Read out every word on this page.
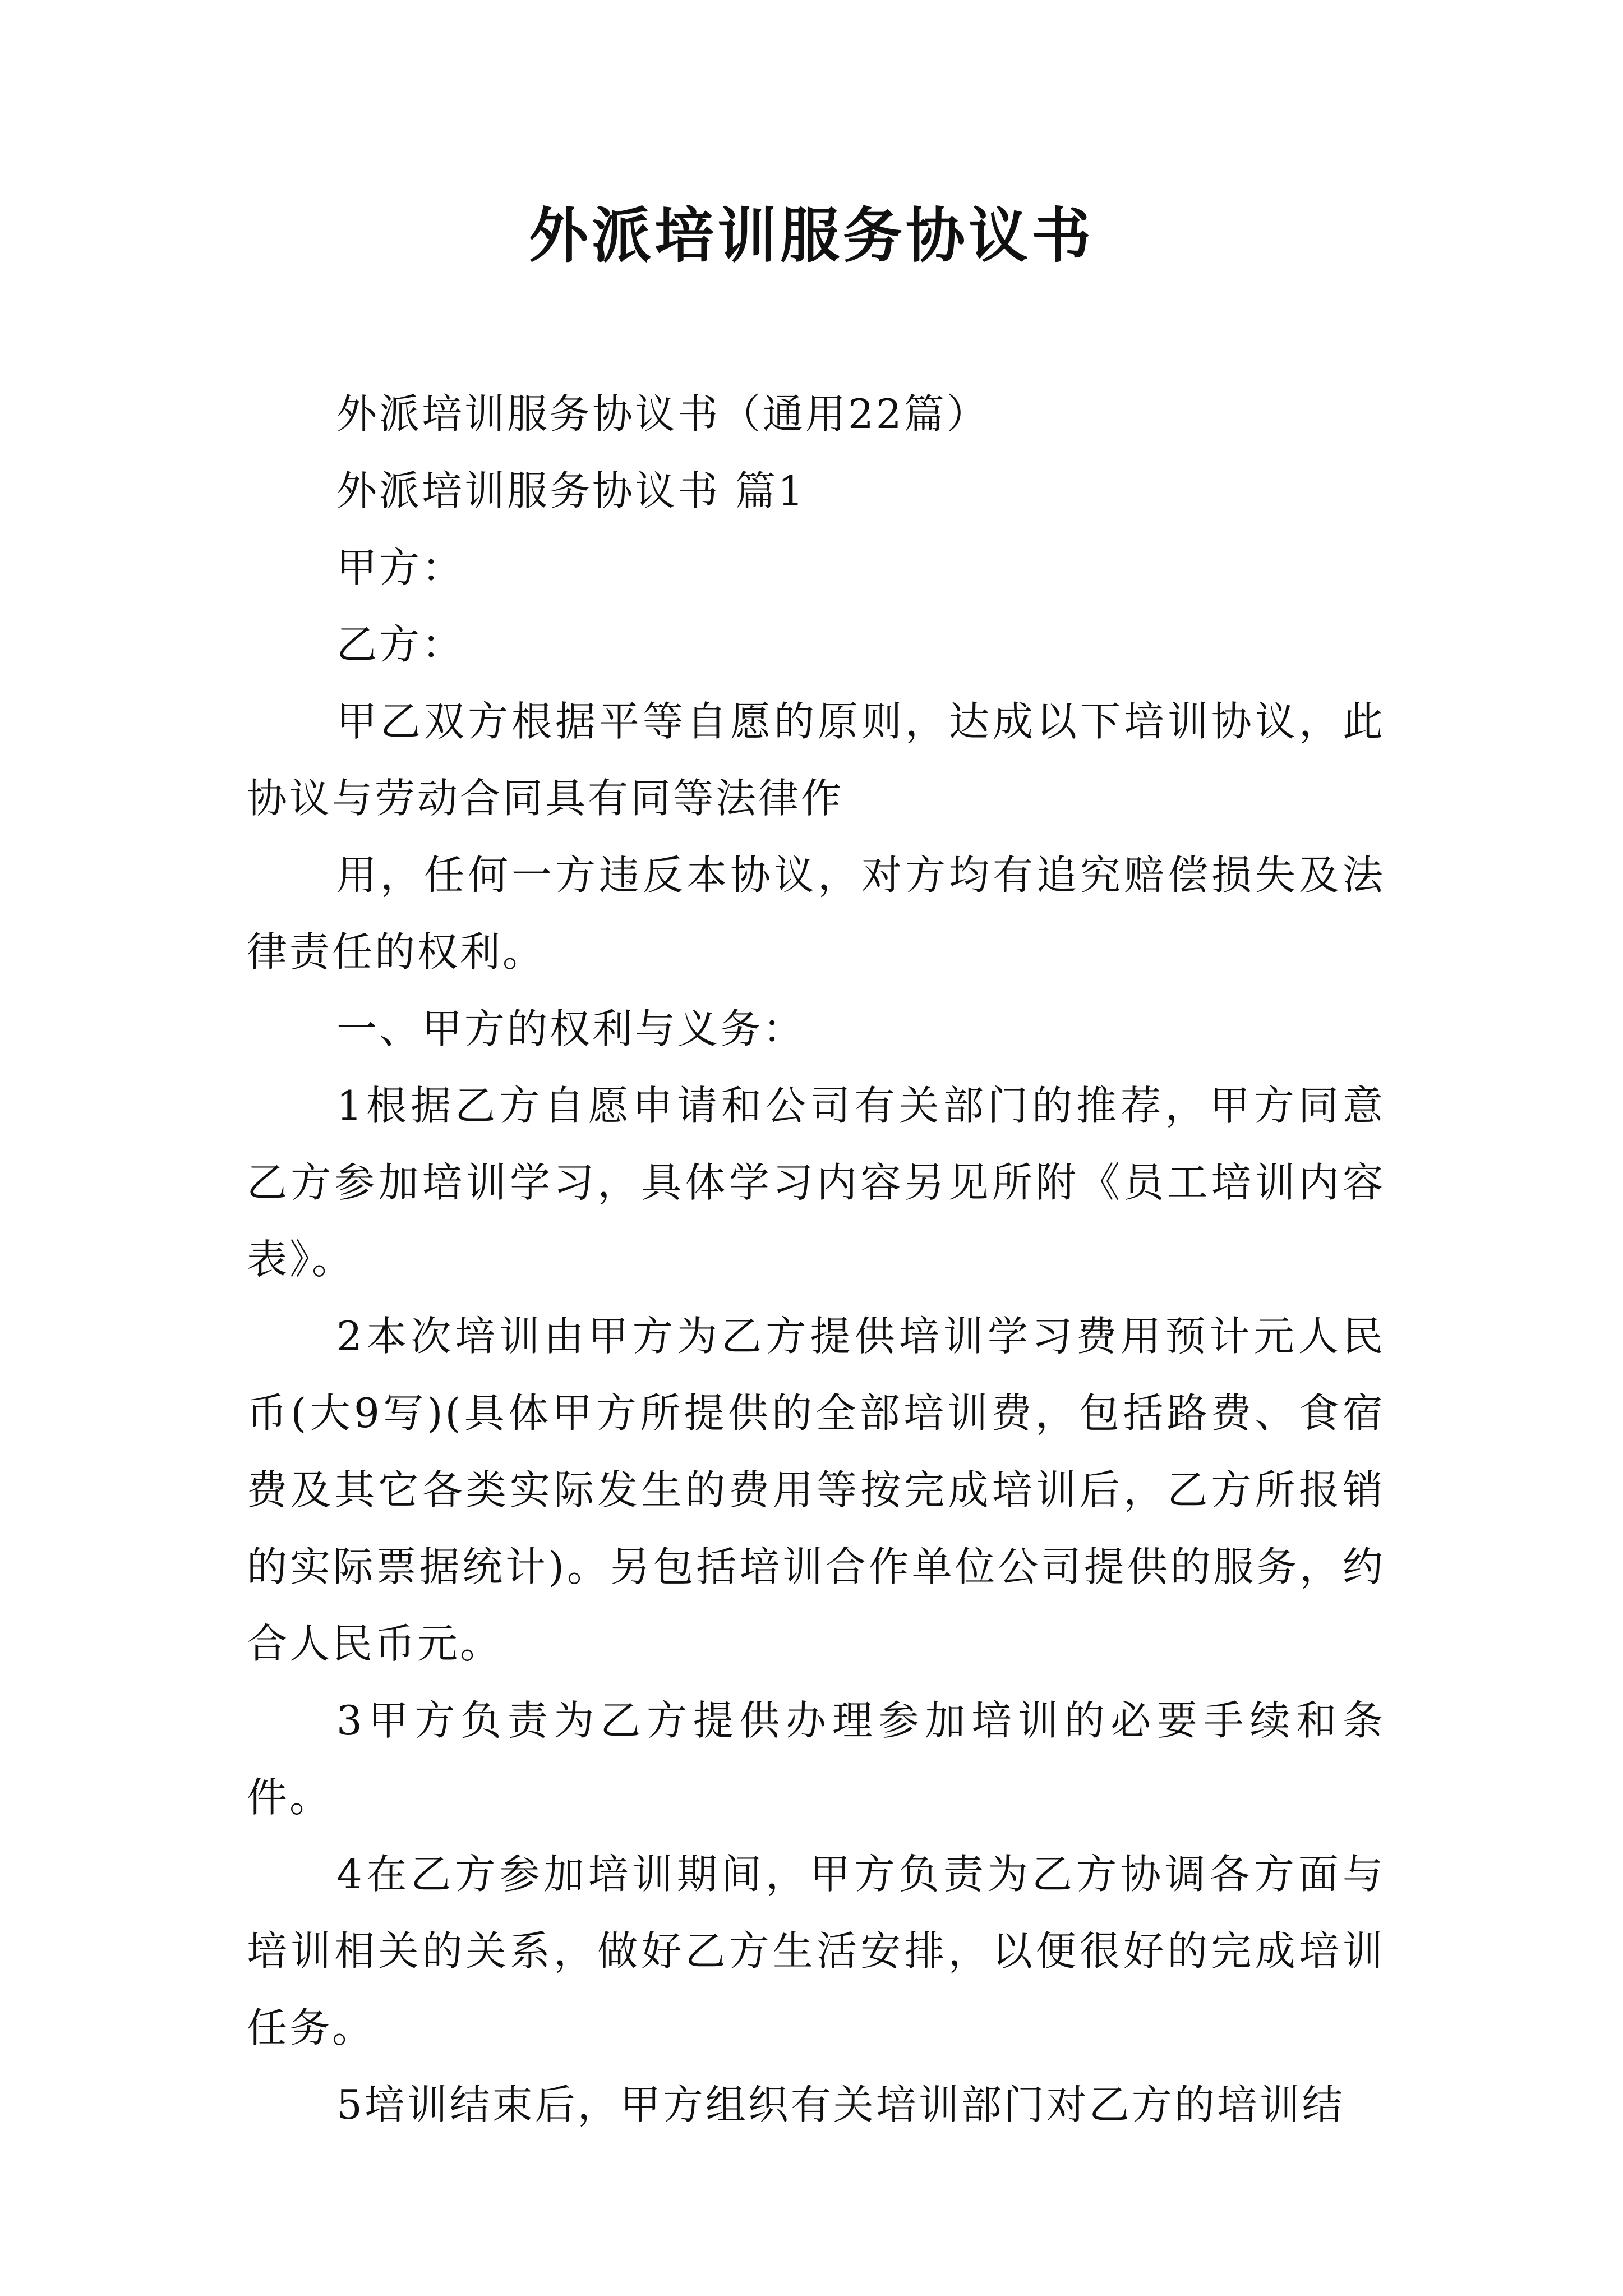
外派培训服务协议书

外派培训服务协议书（通用22篇）

外派培训服务协议书 篇1

甲方：

乙方：

甲乙双方根据平等自愿的原则，达成以下培训协议，此协议与劳动合同具有同等法律作

用，任何一方违反本协议，对方均有追究赔偿损失及法律责任的权利。

一、甲方的权利与义务：

1根据乙方自愿申请和公司有关部门的推荐，甲方同意乙方参加培训学习，具体学习内容另见所附《员工培训内容表》。

2本次培训由甲方为乙方提供培训学习费用预计元人民币(大9写)(具体甲方所提供的全部培训费，包括路费、食宿费及其它各类实际发生的费用等按完成培训后，乙方所报销的实际票据统计)。另包括培训合作单位公司提供的服务，约合人民币元。

3甲方负责为乙方提供办理参加培训的必要手续和条件。

4在乙方参加培训期间，甲方负责为乙方协调各方面与培训相关的关系，做好乙方生活安排，以便很好的完成培训任务。

5培训结束后，甲方组织有关培训部门对乙方的培训结
